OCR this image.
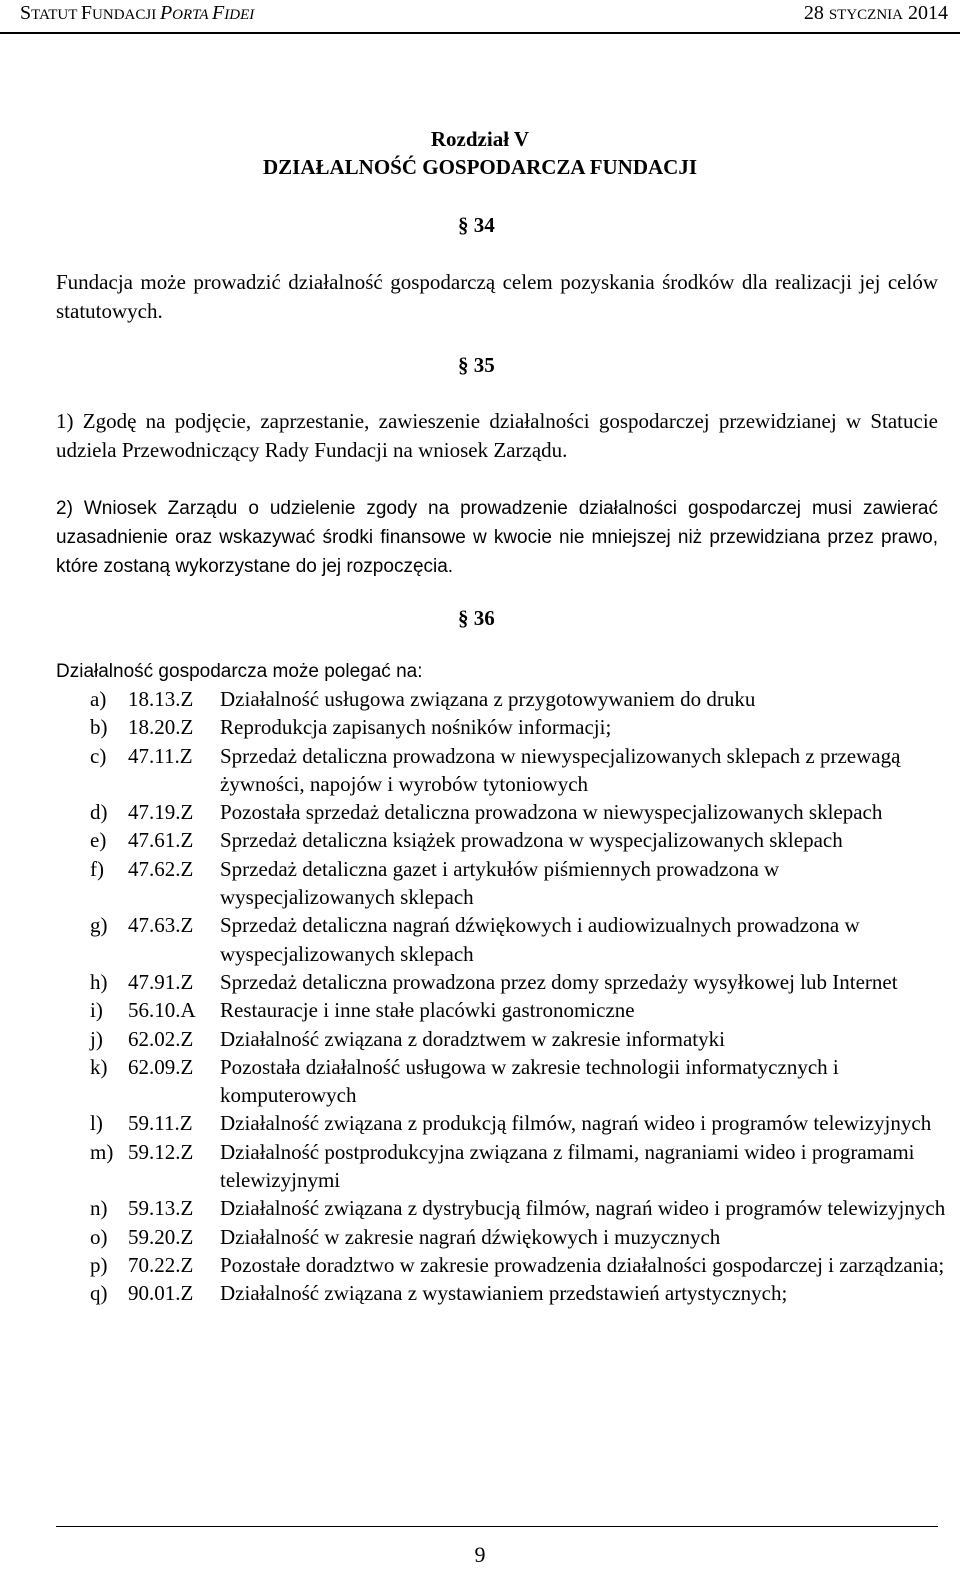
STATUT FUNDACJI PORTA FIDEI	28 STYCZNIA 2014
Rozdział V
DZIAŁALNOŚĆ GOSPODARCZA FUNDACJI
§ 34
Fundacja może prowadzić działalność gospodarczą celem pozyskania środków dla realizacji jej celów statutowych.
§ 35
1) Zgodę na podjęcie, zaprzestanie, zawieszenie działalności gospodarczej przewidzianej w Statucie udziela Przewodniczący Rady Fundacji na wniosek Zarządu.
2) Wniosek Zarządu o udzielenie zgody na prowadzenie działalności gospodarczej musi zawierać uzasadnienie oraz wskazywać środki finansowe w kwocie nie mniejszej niż przewidziana przez prawo, które zostaną wykorzystane do jej rozpoczęcia.
§ 36
Działalność gospodarcza może polegać na:
a) 18.13.Z Działalność usługowa związana z przygotowywaniem do druku
b) 18.20.Z Reprodukcja zapisanych nośników informacji;
c) 47.11.Z Sprzedaż detaliczna prowadzona w niewyspecjalizowanych sklepach z przewagą żywności, napojów i wyrobów tytoniowych
d) 47.19.Z Pozostała sprzedaż detaliczna prowadzona w niewyspecjalizowanych sklepach
e) 47.61.Z Sprzedaż detaliczna książek prowadzona w wyspecjalizowanych sklepach
f) 47.62.Z Sprzedaż detaliczna gazet i artykułów piśmiennych prowadzona w wyspecjalizowanych sklepach
g) 47.63.Z Sprzedaż detaliczna nagrań dźwiękowych i audiowizualnych prowadzona w wyspecjalizowanych sklepach
h) 47.91.Z Sprzedaż detaliczna prowadzona przez domy sprzedaży wysyłkowej lub Internet
i) 56.10.A Restauracje i inne stałe placówki gastronomiczne
j) 62.02.Z Działalność związana z doradztwem w zakresie informatyki
k) 62.09.Z Pozostała działalność usługowa w zakresie technologii informatycznych i komputerowych
l) 59.11.Z Działalność związana z produkcją filmów, nagrań wideo i programów telewizyjnych
m) 59.12.Z Działalność postprodukcyjna związana z filmami, nagraniami wideo i programami telewizyjnymi
n) 59.13.Z Działalność związana z dystrybucją filmów, nagrań wideo i programów telewizyjnych
o) 59.20.Z Działalność w zakresie nagrań dźwiękowych i muzycznych
p) 70.22.Z Pozostałe doradztwo w zakresie prowadzenia działalności gospodarczej i zarządzania;
q) 90.01.Z Działalność związana z wystawianiem przedstawień artystycznych;
9
